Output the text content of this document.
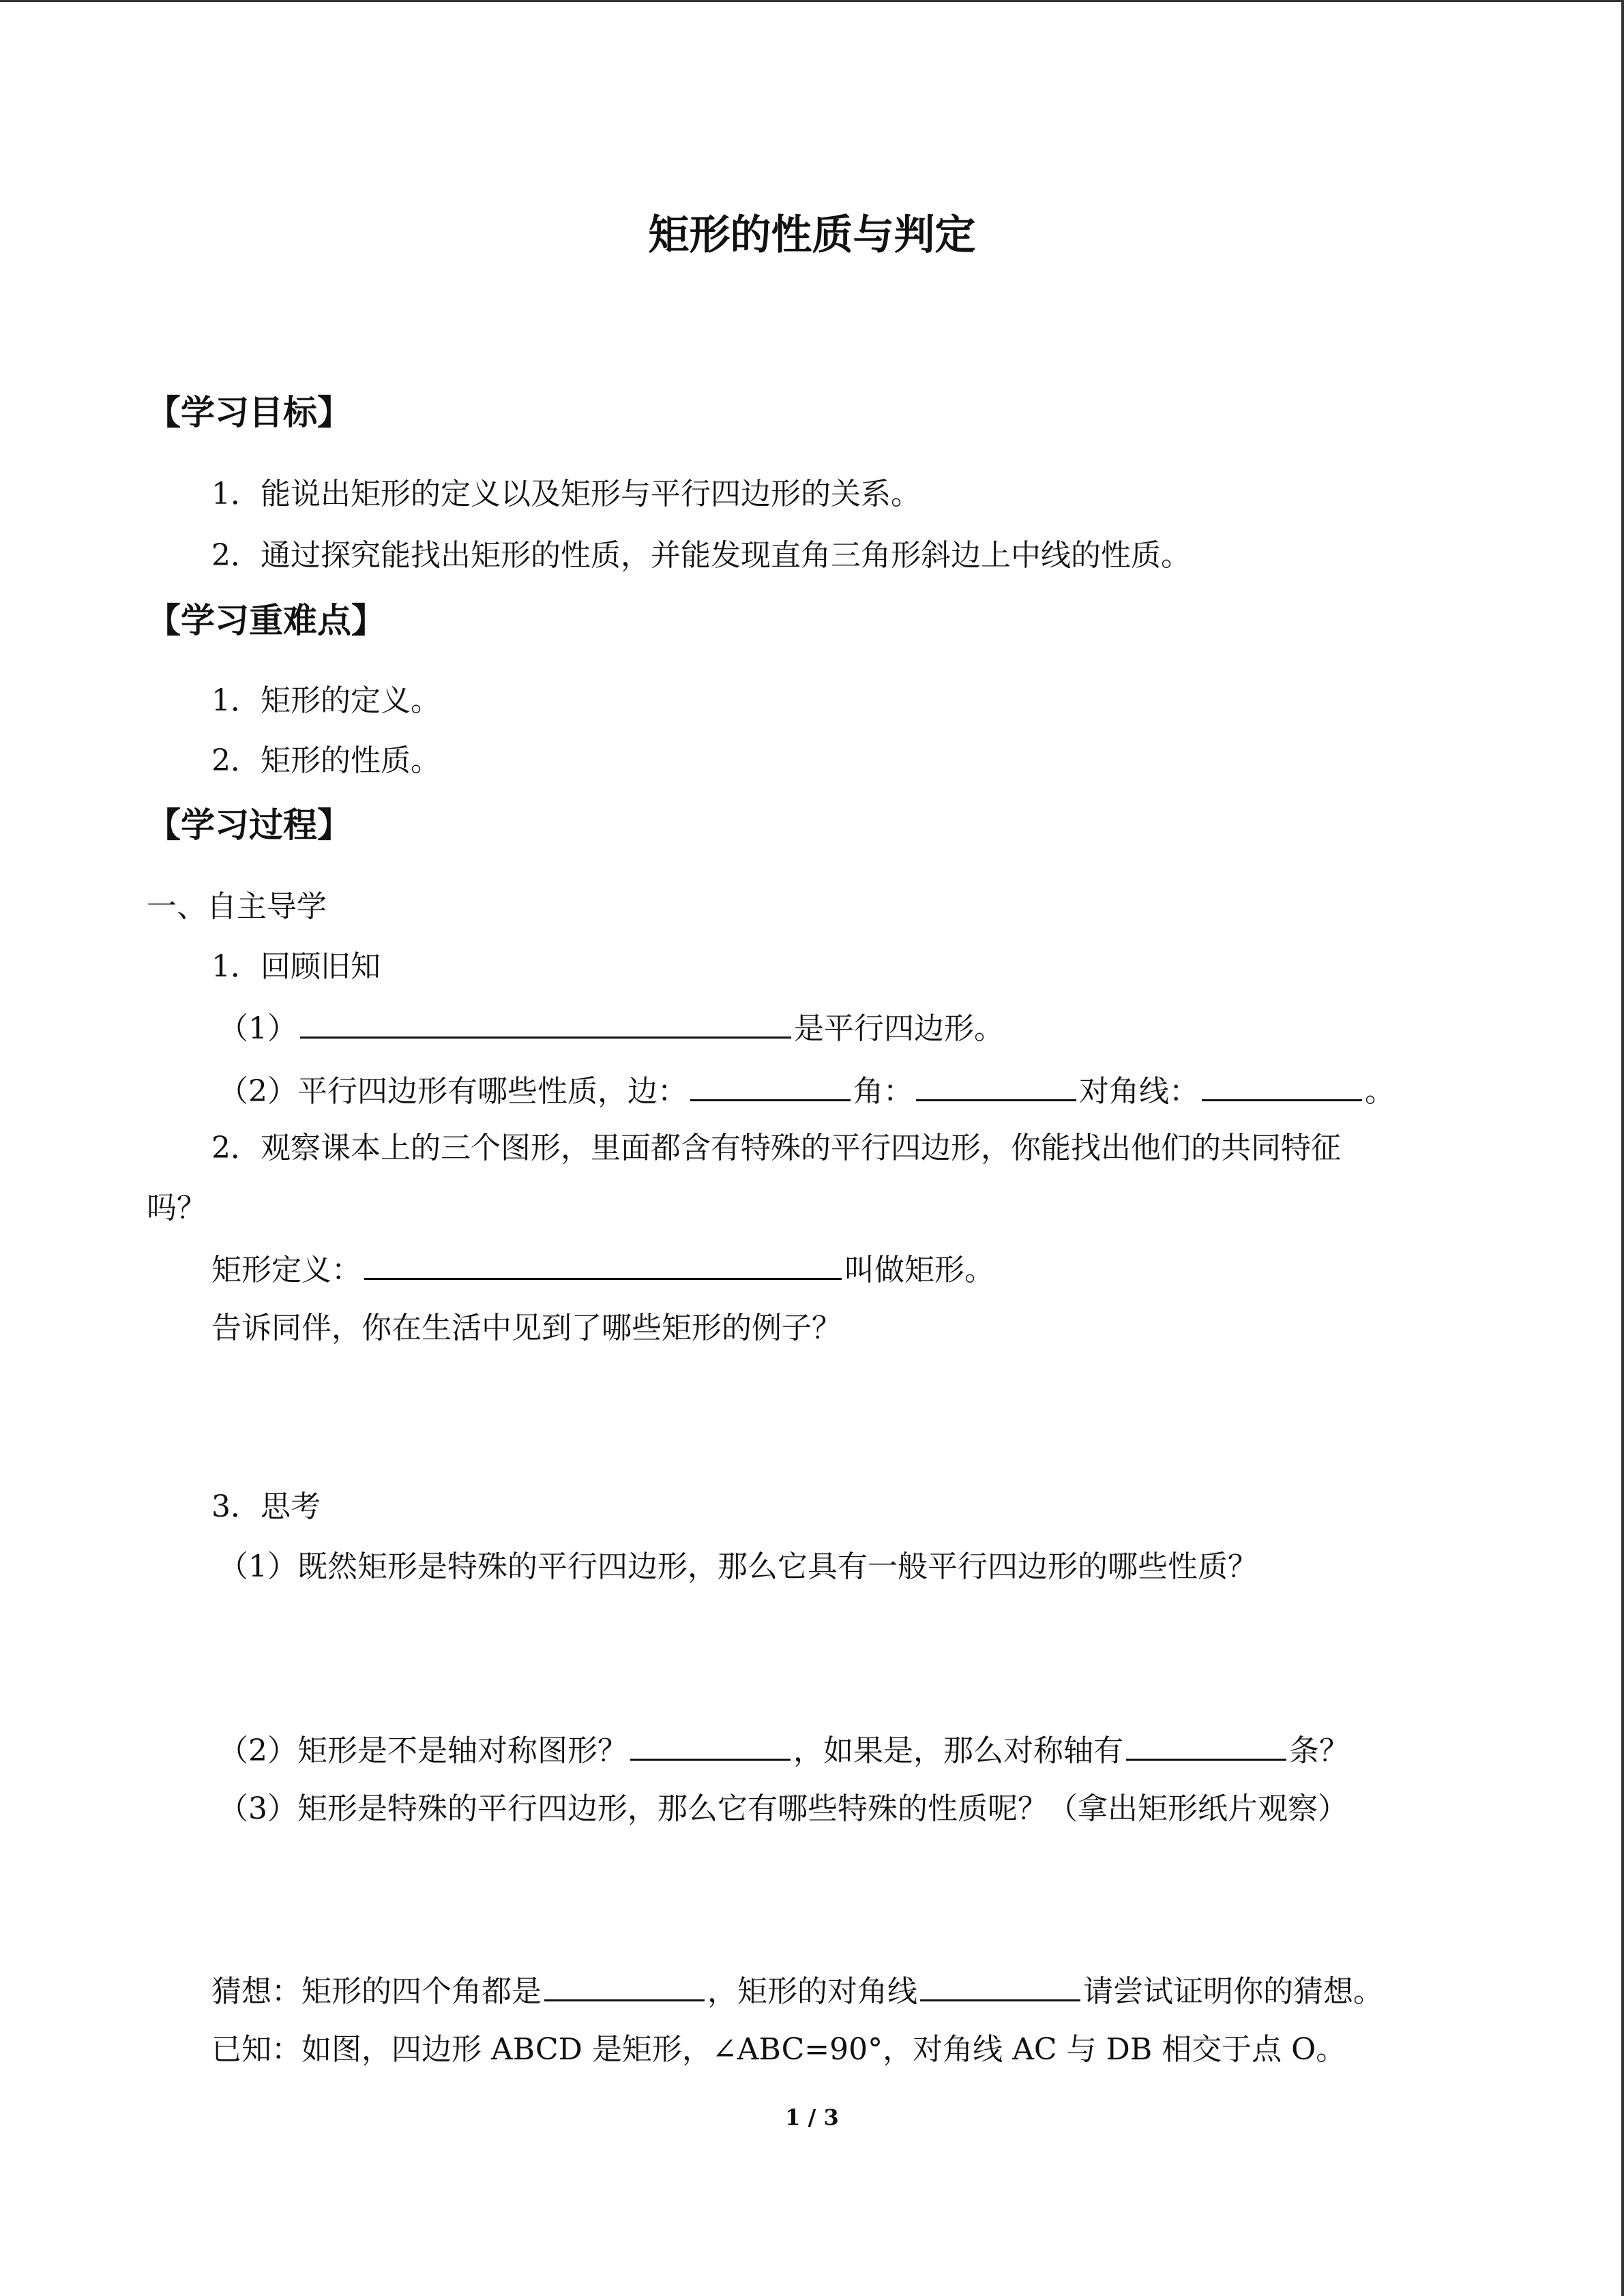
矩形的性质与判定
【学习目标】
1．能说出矩形的定义以及矩形与平行四边形的关系。
2．通过探究能找出矩形的性质，并能发现直角三角形斜边上中线的性质。
【学习重难点】
1．矩形的定义。
2．矩形的性质。
【学习过程】
一、自主导学
1．回顾旧知
（1）	是平行四边形。
（2）平行四边形有哪些性质，边：	角：	对角线：	。
2．观察课本上的三个图形，里面都含有特殊的平行四边形，你能找出他们的共同特征
吗？
矩形定义：	叫做矩形。
告诉同伴，你在生活中见到了哪些矩形的例子？
3．思考
（1）既然矩形是特殊的平行四边形，那么它具有一般平行四边形的哪些性质？
（2）矩形是不是轴对称图形？	，如果是，那么对称轴有	条？
（3）矩形是特殊的平行四边形，那么它有哪些特殊的性质呢？（拿出矩形纸片观察）
猜想：矩形的四个角都是	，矩形的对角线	请尝试证明你的猜想。
已知：如图，四边形 ABCD 是矩形，∠ABC=90°，对角线 AC 与 DB 相交于点 O。
1 / 3
